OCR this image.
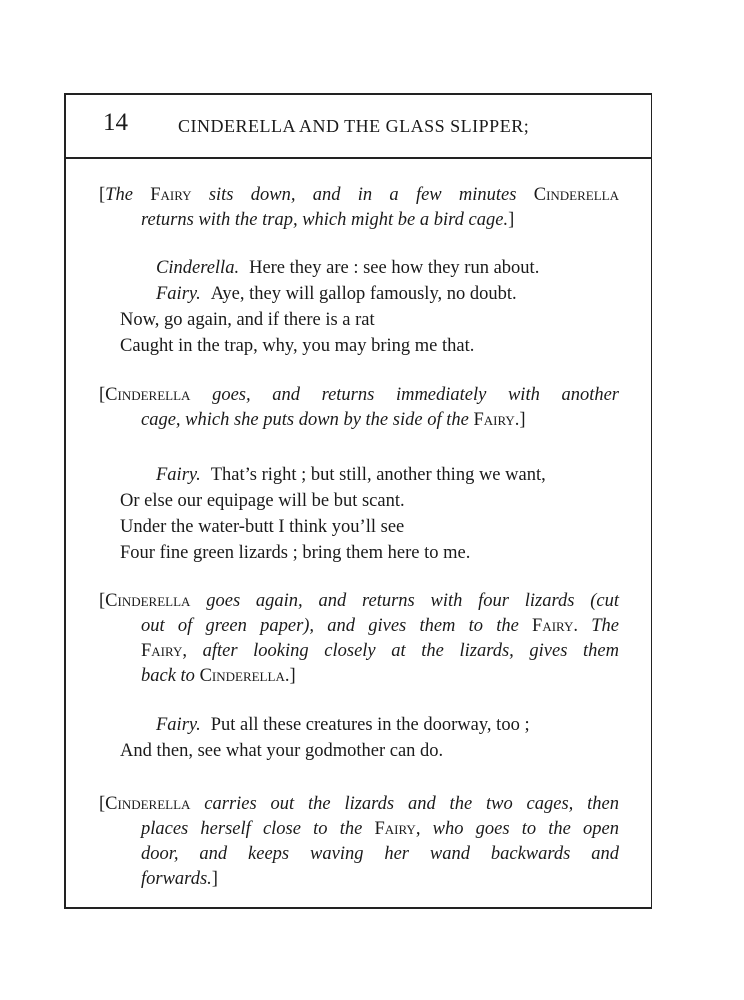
14	CINDERELLA AND THE GLASS SLIPPER;
[The Fairy sits down, and in a few minutes Cinderella
returns with the trap, which might be a bird cage.]
Cinderella. Here they are : see how they run about.
Fairy. Aye, they will gallop famously, no doubt.
Now, go again, and if there is a rat
Caught in the trap, why, you may bring me that.
[Cinderella goes, and returns immediately with another
cage, which she puts down by the side of the Fairy.]
Fairy. That’s right ; but still, another thing we want,
Or else our equipage will be but scant.
Under the water-butt I think you’ll see
Four fine green lizards ; bring them here to me.
[Cinderella goes again, and returns with four lizards (cut
out of green paper), and gives them to the Fairy. The
Fairy, after looking closely at the lizards, gives them
back to Cinderella.]
Fairy. Put all these creatures in the doorway, too ;
And then, see what your godmother can do.
[Cinderella carries out the lizards and the two cages, then
places herself close to the Fairy, who goes to the open
door, and keeps waving her wand backwards and
forwards.]
